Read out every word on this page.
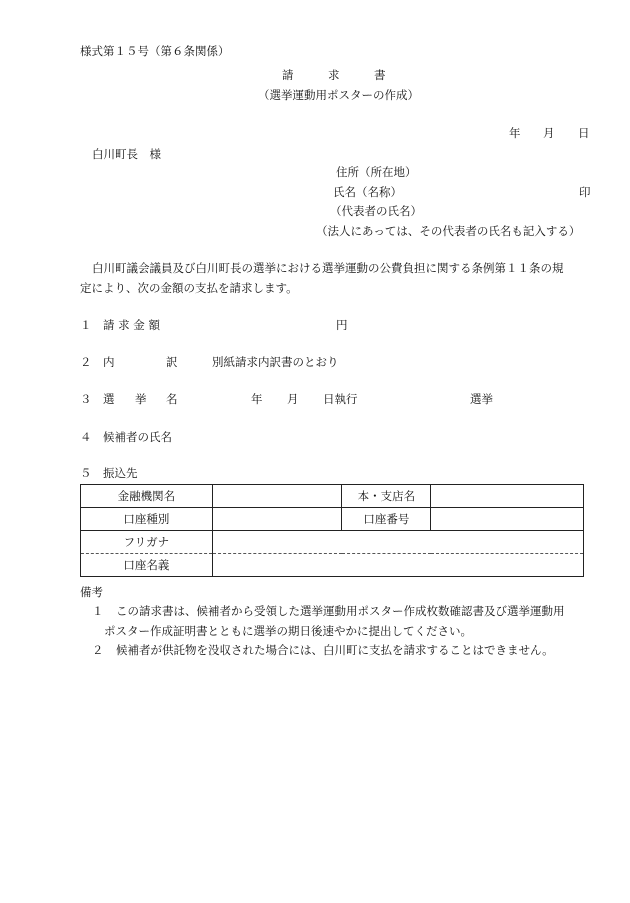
様式第１５号（第６条関係）
請　　　求　　　書
（選挙運動用ポスターの作成）
年 月 日
白川町長　様
住所（所在地）
氏名（名称）	印
（代表者の氏名）
（法人にあっては、その代表者の氏名も記入する）
白川町議会議員及び白川町長の選挙における選挙運動の公費負担に関する条例第１１条の規
定により、次の金額の支払を請求します。
１ 請 求 金 額	円
２ 内	訳	別紙請求内訳書のとおり
３ 選 挙 名	年 月 日執行	選挙
４ 候補者の氏名
５ 振込先
金融機関名		本・支店名	
口座種別		口座番号	
フリガナ			
口座名義			
備考
１ この請求書は、候補者から受領した選挙運動用ポスター作成枚数確認書及び選挙運動用
ポスター作成証明書とともに選挙の期日後速やかに提出してください。
２ 候補者が供託物を没収された場合には、白川町に支払を請求することはできません。
